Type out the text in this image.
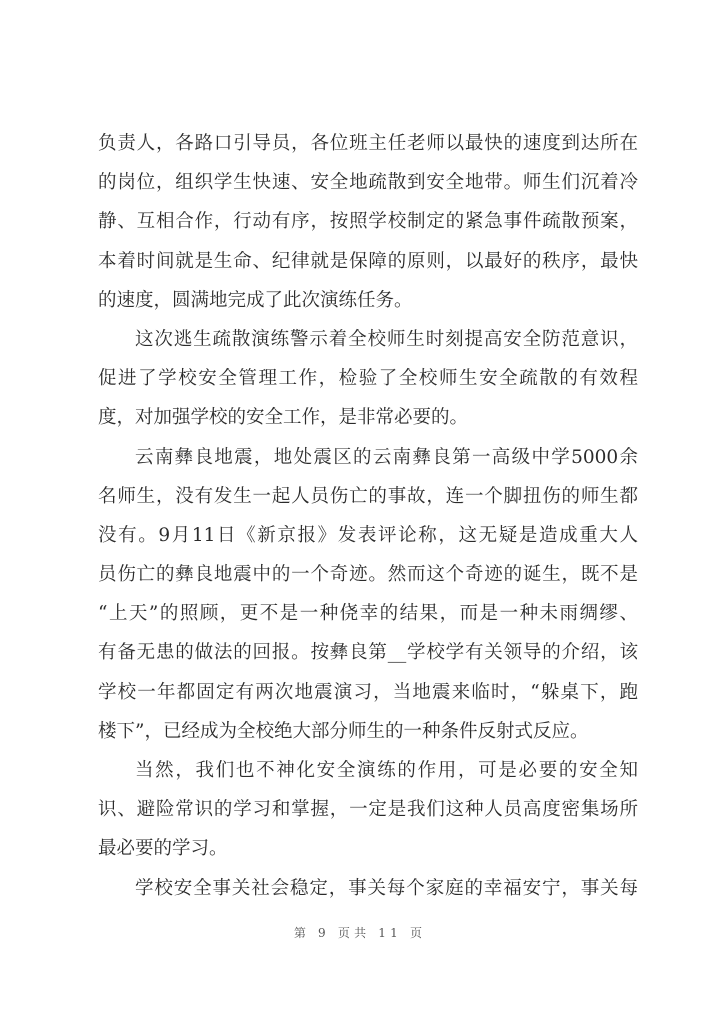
负责人，各路口引导员，各位班主任老师以最快的速度到达所在
的岗位，组织学生快速、安全地疏散到安全地带。师生们沉着冷
静、互相合作，行动有序，按照学校制定的紧急事件疏散预案，
本着时间就是生命、纪律就是保障的原则，以最好的秩序，最快
的速度，圆满地完成了此次演练任务。
这次逃生疏散演练警示着全校师生时刻提高安全防范意识，
促进了学校安全管理工作，检验了全校师生安全疏散的有效程
度，对加强学校的安全工作，是非常必要的。
云南彝良地震，地处震区的云南彝良第一高级中学5000余
名师生，没有发生一起人员伤亡的事故，连一个脚扭伤的师生都
没有。9月11日《新京报》发表评论称，这无疑是造成重大人
员伤亡的彝良地震中的一个奇迹。然而这个奇迹的诞生，既不是
“上天”的照顾，更不是一种侥幸的结果，而是一种未雨绸缪、
有备无患的做法的回报。按彝良第__学校学有关领导的介绍，该
学校一年都固定有两次地震演习，当地震来临时，“躲桌下，跑
楼下”，已经成为全校绝大部分师生的一种条件反射式反应。
当然，我们也不神化安全演练的作用，可是必要的安全知
识、避险常识的学习和掌握，一定是我们这种人员高度密集场所
最必要的学习。
学校安全事关社会稳定，事关每个家庭的幸福安宁，事关每
第 9 页共 11 页
